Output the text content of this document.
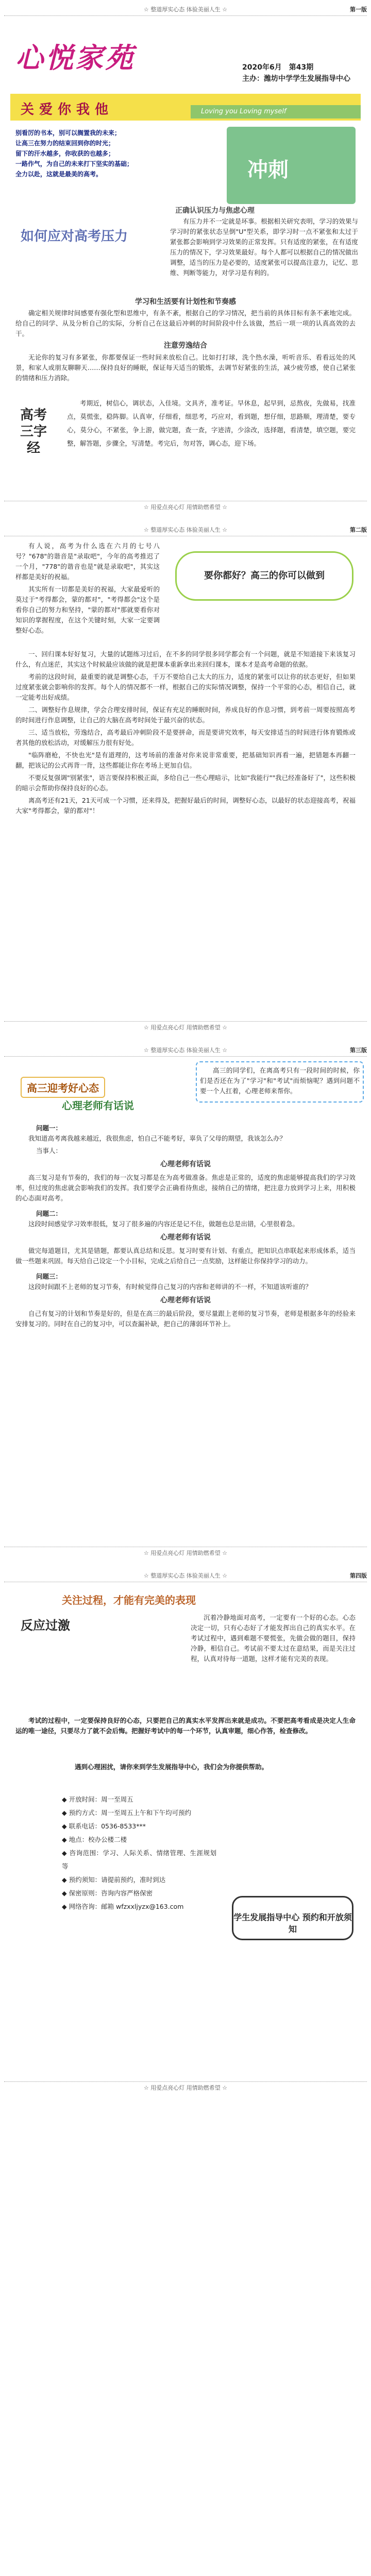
☆ 整道厚实心态 体验美丽人生 ☆	第一版
心悦家苑	2020年6月　第43期
主办：潍坊中学学生发展指导中心
关爱你我他	Loving you Loving myself
别看厉的书本，别可以搁置我的未来；
让高三在努力的结束回到你的时光；
留下的汗水越多，你收获的也越多；
一路作气，为自己的未来打下坚实的基础；
全力以赴，这就是最美的高考。	冲刺
如何应对高考压力
正确认识压力与焦虑心理

有压力并不一定就是坏事。根据相关研究表明，学习的效果与学习时的紧张状态呈倒"U"型关系，即学习时一点不紧张和太过于紧张都会影响到学习效果的正常发挥。只有适度的紧张，在有适度压力的情况下，学习效果最好。每个人都可以根据自己的情况做出调整，适当的压力是必要的，适度紧张可以提高注意力，记忆、思维、判断等能力，对学习是有利的。

学习和生活要有计划性和节奏感

确定相关规律时间感要有强化型和思维中，有条不紊，根据自己的学习情况，把当前的具体目标有条不紊地完成。给自己的同学、从及分析自己的实际，分析自己在这最后冲刺的时间阶段中什么该做，然后一项一项的认真高效的去干。

注意劳逸结合

无论你的复习有多紧张，你都要保证一些时间来放松自己。比如打打球，洗个热水澡，听听音乐、看看远处的风景，和家人或朋友聊聊天……保持良好的睡眠，保证每天适当的锻炼，去调节好紧张的生活，减少疲劳感，使自己紧张的情绪和压力消除。

高考三字经

考期近，树信心，调状态，入佳境。文具齐，准考证。早休息，起早到，忌熬夜，先做易，找准点，莫慌张，稳阵脚。认真审，仔细看，细思考，巧应对，看到题，想仔细，思路顺，理清楚，要专心，莫分心，不紧张，争上游，做完题，查一查，字迹清，少涂改，选择题，看清楚，填空题，要完整，解答题，步骤全，写清楚。考完后，勿对答，调心态，迎下场。

☆ 用爱点亮心灯 用情助燃希望 ☆
☆ 整道厚实心态 体验美丽人生 ☆	第二版
要你都好？高三的你可以做到

有人说，高考为什么选在六月的七号八号？"678"的谐音是"录取吧"，今年的高考推迟了一个月，"778"的谐音也是"就是录取吧"，其实这样都是美好的祝福。

其实所有一切都是美好的祝福，大家最爱听的莫过于"考得都会，蒙的都对"，"考得都会"这个是看你自己的努力和坚持，"蒙的都对"那就要看你对知识的掌握程度，在这个关键时刻，大家一定要调整好心态。

一、回归课本好好复习，大量的试题练习过后，在不多的同学很多同学都会有一个问题，就是不知道接下来该复习什么，有点迷茫，其实这个时候最应该做的就是把课本重新拿出来回归课本，课本才是高考命题的依据。

考前的这段时间，最重要的就是调整心态，千万不要给自己太大的压力，适度的紧张可以让你的状态更好，但如果过度紧张就会影响你的发挥。每个人的情况都不一样，根据自己的实际情况调整，保持一个平常的心态，相信自己，就一定能考出好成绩。

二、调整好作息规律，学会合理安排时间，保证有充足的睡眠时间，养成良好的作息习惯，到考前一周要按照高考的时间进行作息调整，让自己的大脑在高考时间处于最兴奋的状态。

三、适当放松，劳逸结合，高考最后冲刺阶段不是要拼命，而是要讲究效率，每天安排适当的时间进行体育锻炼或者其他的放松活动，对缓解压力很有好处。

"临阵磨枪，不快也光"是有道理的，这考场前的准备对你来说非常重要，把基础知识再看一遍，把错题本再翻一翻，把该记的公式再背一背，这些都能让你在考场上更加自信。

不要反复强调"别紧张"，语言要保持积极正面，多给自己一些心理暗示，比如"我能行""我已经准备好了"，这些积极的暗示会帮助你保持良好的心态。

离高考还有21天，21天可成一个习惯，还来得及，把握好最后的时间，调整好心态，以最好的状态迎接高考，祝福大家"考得都会，蒙的都对"！

☆ 用爱点亮心灯 用情助燃希望 ☆
☆ 整道厚实心态 体验美丽人生 ☆	第三版
高三迎考好心态
心理老师有话说

高三的同学们，在离高考只有一段时间的时候，你们是否还在为了"学习"和"考试"而烦恼呢？遇到问题不要一个人扛着，心理老师来帮你。

问题一：

我知道高考离我越来越近，我很焦虑，怕自己不能考好，辜负了父母的期望，我该怎么办？

当事人：
心理老师有话说

高三复习是有节奏的，我们的每一次复习都是在为高考做准备。焦虑是正常的，适度的焦虑能够提高我们的学习效率，但过度的焦虑就会影响我们的发挥。我们要学会正确看待焦虑，接纳自己的情绪，把注意力放到学习上来，用积极的心态面对高考。

问题二：

这段时间感觉学习效率很低，复习了很多遍的内容还是记不住，做题也总是出错，心里很着急。

心理老师有话说

做完每道题目，尤其是错题，都要认真总结和反思。复习时要有计划、有重点，把知识点串联起来形成体系，适当做一些题来巩固。每天给自己设定一个小目标，完成之后给自己一点奖励，这样能让你保持学习的动力。

问题三：

这段时间跟不上老师的复习节奏，有时候觉得自己复习的内容和老师讲的不一样，不知道该听谁的？

心理老师有话说

自己有复习的计划和节奏是好的，但是在高三的最后阶段，要尽量跟上老师的复习节奏，老师是根据多年的经验来安排复习的。同时在自己的复习中，可以查漏补缺，把自己的薄弱环节补上。

☆ 用爱点亮心灯 用情助燃希望 ☆
☆ 整道厚实心态 体验美丽人生 ☆	第四版
关注过程，才能有完美的表现
反应过激

沉着冷静地面对高考，一定要有一个好的心态。心态决定一切，只有心态好了才能发挥出自己的真实水平。在考试过程中，遇到难题不要慌张，先做会做的题目，保持冷静，相信自己。考试前不要太过在意结果，而是关注过程，认真对待每一道题，这样才能有完美的表现。

考试的过程中，一定要保持良好的心态，只要把自己的真实水平发挥出来就是成功。不要把高考看成是决定人生命运的唯一途径，只要尽力了就不会后悔。把握好考试中的每一个环节，认真审题，细心作答，检查修改。

遇到心理困扰，请你来到学生发展指导中心，我们会为你提供帮助。

◆ 开放时间：周一至周五
◆ 预约方式：周一至周五上午和下午均可预约
◆ 联系电话：0536-8533***
◆ 地点：校办公楼二楼
◆ 咨询范围：学习、人际关系、情绪管理、生涯规划等
◆ 预约须知：请提前预约，准时到达
◆ 保密原则：咨询内容严格保密
◆ 网络咨询：邮箱 wfzxxljyzx@163.com
学生发展指导中心 预约和开放须知
☆ 用爱点亮心灯 用情助燃希望 ☆
